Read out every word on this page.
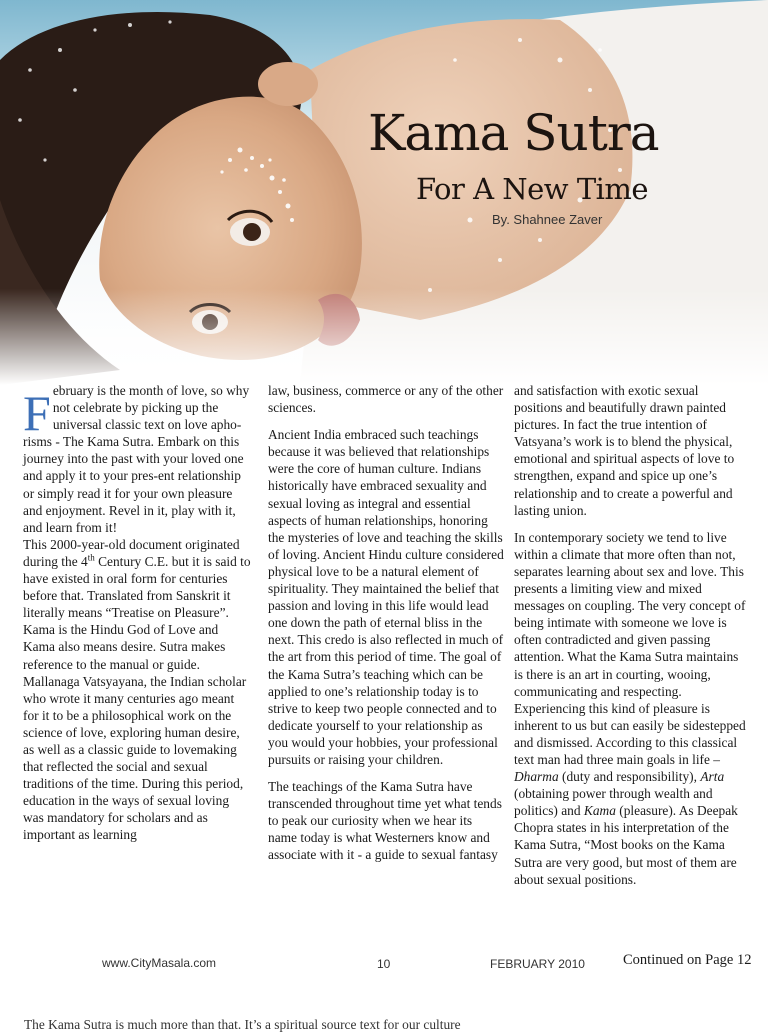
Kama Sutra
For A New Time
By. Shahnee Zaver

February is the month of love, so why not celebrate by picking up the universal classic text on love apho-risms - The Kama Sutra. Embark on this journey into the past with your loved one and apply it to your pres-ent relationship or simply read it for your own pleasure and enjoyment. Revel in it, play with it, and learn from it!

This 2000-year-old document originated during the 4th Century C.E. but it is said to have existed in oral form for centuries before that. Translated from Sanskrit it literally means “Treatise on Pleasure”.

Kama is the Hindu God of Love and Kama also means desire. Sutra makes reference to the manual or guide. Mallanaga Vatsyayana, the Indian scholar who wrote it many centuries ago meant for it to be a philosophical work on the science of love, exploring human desire, as well as a classic guide to lovemaking that reflected the social and sexual traditions of the time. During this period, education in the ways of sexual loving was mandatory for scholars and as important as learning

law, business, commerce or any of the other sciences.

Ancient India embraced such teachings because it was believed that relationships were the core of human culture. Indians historically have embraced sexuality and sexual loving as integral and essential aspects of human relationships, honoring the mysteries of love and teaching the skills of loving. Ancient Hindu culture considered physical love to be a natural element of spirituality. They maintained the belief that passion and loving in this life would lead one down the path of eternal bliss in the next. This credo is also reflected in much of the art from this period of time. The goal of the Kama Sutra’s teaching which can be applied to one’s relationship today is to strive to keep two people connected and to dedicate yourself to your relationship as you would your hobbies, your professional pursuits or raising your children.

The teachings of the Kama Sutra have transcended throughout time yet what tends to peak our curiosity when we hear its name today is what Westerners know and associate with it - a guide to sexual fantasy

and satisfaction with exotic sexual positions and beautifully drawn painted pictures. In fact the true intention of Vatsyana’s work is to blend the physical, emotional and spiritual aspects of love to strengthen, expand and spice up one’s relationship and to create a powerful and lasting union.

In contemporary society we tend to live within a climate that more often than not, separates learning about sex and love. This presents a limiting view and mixed messages on coupling. The very concept of being intimate with someone we love is often contradicted and given passing attention. What the Kama Sutra maintains is there is an art in courting, wooing, communicating and respecting. Experiencing this kind of pleasure is inherent to us but can easily be sidestepped and dismissed. According to this classical text man had three main goals in life – Dharma (duty and responsibility), Arta (obtaining power through wealth and politics) and Kama (pleasure). As Deepak Chopra states in his interpretation of the Kama Sutra, “Most books on the Kama Sutra are very good, but most of them are about sexual positions.

www.CityMasala.com	10	FEBRUARY 2010	Continued on Page 12
The Kama Sutra is much more than that. It’s a spiritual source text for our culture
